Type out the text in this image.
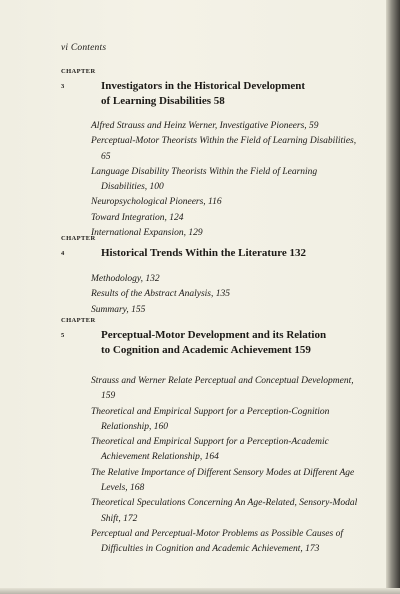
vi Contents
CHAPTER 3	Investigators in the Historical Development
of Learning Disabilities 58
Alfred Strauss and Heinz Werner, Investigative Pioneers, 59
Perceptual-Motor Theorists Within the Field of Learning Disabilities, 65
Language Disability Theorists Within the Field of Learning Disabilities, 100
Neuropsychological Pioneers, 116
Toward Integration, 124
International Expansion, 129
CHAPTER 4	Historical Trends Within the Literature 132
Methodology, 132
Results of the Abstract Analysis, 135
Summary, 155
CHAPTER 5	Perceptual-Motor Development and its Relation
to Cognition and Academic Achievement 159
Strauss and Werner Relate Perceptual and Conceptual Development, 159
Theoretical and Empirical Support for a Perception-Cognition Relationship, 160
Theoretical and Empirical Support for a Perception-Academic Achievement Relationship, 164
The Relative Importance of Different Sensory Modes at Different Age Levels, 168
Theoretical Speculations Concerning An Age-Related, Sensory-Modal Shift, 172
Perceptual and Perceptual-Motor Problems as Possible Causes of Difficulties in Cognition and Academic Achievement, 173
